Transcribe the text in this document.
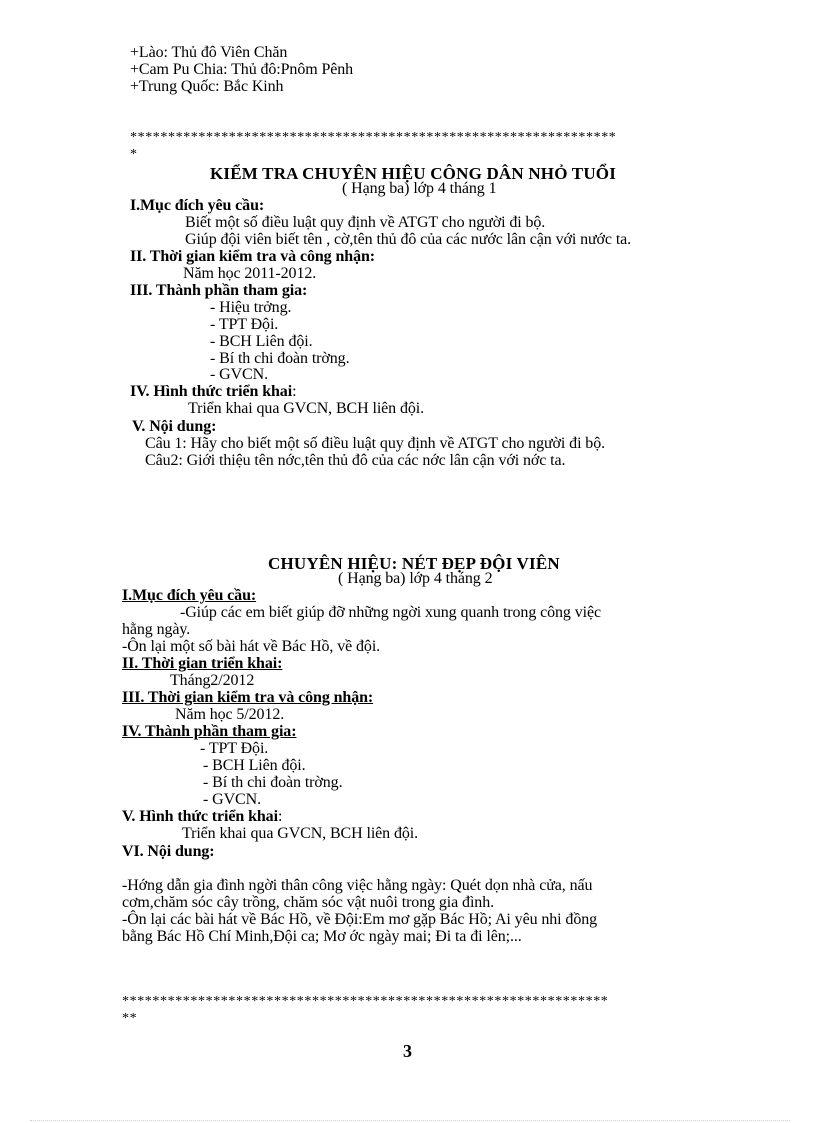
+Lào: Thủ đô Viên Chăn
+Cam Pu Chia: Thủ đô:Pnôm Pênh
+Trung Quốc: Bắc Kinh
****************************************************************
*
KIỂM TRA CHUYÊN HIỆU CÔNG DÂN NHỎ TUỔI
( Hạng ba) lớp 4 tháng 1
I.Mục đích yêu cầu:
Biết một số điều luật quy định về ATGT cho người đi bộ.
Giúp đội viên biết tên , cờ,tên thủ đô của các nước lân cận với nước ta.
II. Thời gian kiểm tra và công nhận:
Năm học 2011-2012.
III. Thành phần tham gia:
- Hiệu trởng.
- TPT Đội.
- BCH Liên đội.
- Bí th chi đoàn trờng.
- GVCN.
IV. Hình thức triển khai:
Triển khai qua GVCN, BCH liên đội.
V. Nội dung:
Câu 1: Hãy cho biết một số điều luật quy định về ATGT cho người đi bộ.
Câu2: Giới thiệu tên nớc,tên thủ đô của các nớc lân cận với nớc ta.
CHUYÊN HIỆU: NÉT ĐẸP ĐỘI VIÊN
( Hạng ba) lớp 4 tháng 2
I.Mục đích yêu cầu:
-Giúp các em biết giúp đỡ những ngời xung quanh trong công việc
hằng ngày.
-Ôn lại một số bài hát về Bác Hồ, về đội.
II. Thời gian triển khai:
Tháng2/2012
III. Thời gian kiểm tra và công nhận:
Năm học 5/2012.
IV. Thành phần tham gia:
- TPT Đội.
- BCH Liên đội.
- Bí th chi đoàn trờng.
- GVCN.
V. Hình thức triển khai:
Triển khai qua GVCN, BCH liên đội.
VI. Nội dung:
-Hớng dẫn gia đình ngời thân công việc hằng ngày: Quét dọn nhà cửa, nấu
cơm,chăm sóc cây trồng, chăm sóc vật nuôi trong gia đình.
-Ôn lại các bài hát về Bác Hồ, về Đội:Em mơ gặp Bác Hồ; Ai yêu nhi đồng
bằng Bác Hồ Chí Minh,Đội ca; Mơ ớc ngày mai; Đi ta đi lên;...
****************************************************************
**
3
